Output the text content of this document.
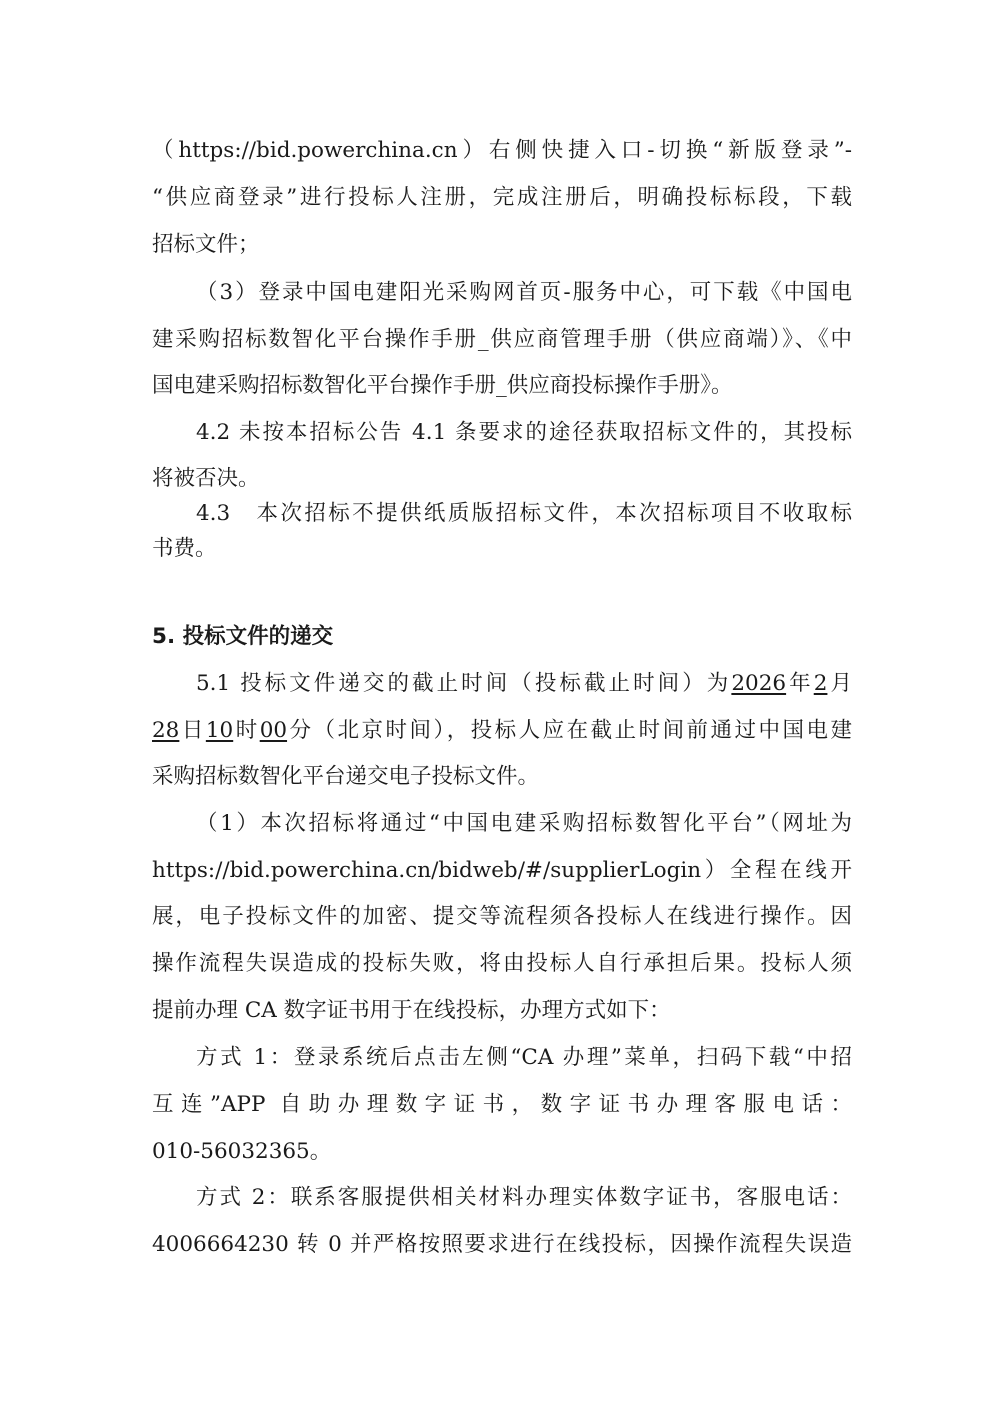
（https://bid.powerchina.cn）右侧快捷入口-切换“新版登录”-
“供应商登录”进行投标人注册，完成注册后，明确投标标段，下载
招标文件；
（3）登录中国电建阳光采购网首页-服务中心，可下载《中国电
建采购招标数智化平台操作手册_供应商管理手册（供应商端）》、《中
国电建采购招标数智化平台操作手册_供应商投标操作手册》。
4.2 未按本招标公告 4.1 条要求的途径获取招标文件的，其投标
将被否决。
4.3　本次招标不提供纸质版招标文件，本次招标项目不收取标
书费。
5. 投标文件的递交
5.1 投标文件递交的截止时间（投标截止时间）为2026年2月
28日10时00分（北京时间），投标人应在截止时间前通过中国电建
采购招标数智化平台递交电子投标文件。
（1）本次招标将通过“中国电建采购招标数智化平台”（网址为
https://bid.powerchina.cn/bidweb/#/supplierLogin）全程在线开
展，电子投标文件的加密、提交等流程须各投标人在线进行操作。因
操作流程失误造成的投标失败，将由投标人自行承担后果。投标人须
提前办理 CA 数字证书用于在线投标，办理方式如下：
方式 1：登录系统后点击左侧“CA 办理”菜单，扫码下载“中招
互连”APP 自助办理数字证书，数字证书办理客服电话：
010-56032365。
方式 2：联系客服提供相关材料办理实体数字证书，客服电话：
4006664230 转 0 并严格按照要求进行在线投标，因操作流程失误造
